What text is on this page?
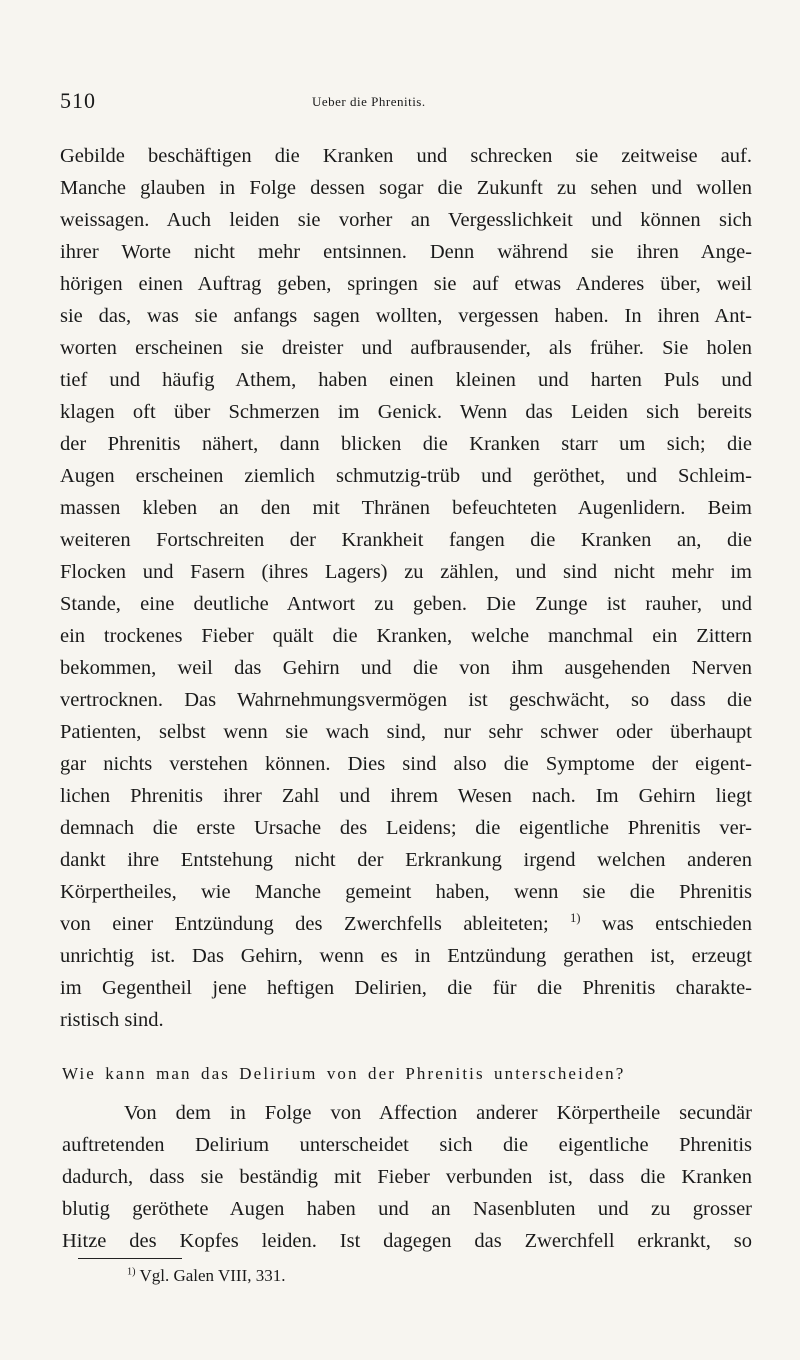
510	Ueber die Phrenitis.
Gebilde beschäftigen die Kranken und schrecken sie zeitweise auf.
Manche glauben in Folge dessen sogar die Zukunft zu sehen und wollen
weissagen. Auch leiden sie vorher an Vergesslichkeit und können sich
ihrer Worte nicht mehr entsinnen. Denn während sie ihren Ange-
hörigen einen Auftrag geben, springen sie auf etwas Anderes über, weil
sie das, was sie anfangs sagen wollten, vergessen haben. In ihren Ant-
worten erscheinen sie dreister und aufbrausender, als früher. Sie holen
tief und häufig Athem, haben einen kleinen und harten Puls und
klagen oft über Schmerzen im Genick. Wenn das Leiden sich bereits
der Phrenitis nähert, dann blicken die Kranken starr um sich; die
Augen erscheinen ziemlich schmutzig-trüb und geröthet, und Schleim-
massen kleben an den mit Thränen befeuchteten Augenlidern. Beim
weiteren Fortschreiten der Krankheit fangen die Kranken an, die
Flocken und Fasern (ihres Lagers) zu zählen, und sind nicht mehr im
Stande, eine deutliche Antwort zu geben. Die Zunge ist rauher, und
ein trockenes Fieber quält die Kranken, welche manchmal ein Zittern
bekommen, weil das Gehirn und die von ihm ausgehenden Nerven
vertrocknen. Das Wahrnehmungsvermögen ist geschwächt, so dass die
Patienten, selbst wenn sie wach sind, nur sehr schwer oder überhaupt
gar nichts verstehen können. Dies sind also die Symptome der eigent-
lichen Phrenitis ihrer Zahl und ihrem Wesen nach. Im Gehirn liegt
demnach die erste Ursache des Leidens; die eigentliche Phrenitis ver-
dankt ihre Entstehung nicht der Erkrankung irgend welchen anderen
Körpertheiles, wie Manche gemeint haben, wenn sie die Phrenitis
von einer Entzündung des Zwerchfells ableiteten; $^{1)}$ was entschieden
unrichtig ist. Das Gehirn, wenn es in Entzündung gerathen ist, erzeugt
im Gegentheil jene heftigen Delirien, die für die Phrenitis charakte-
ristisch sind.
Wie kann man das Delirium von der Phrenitis unterscheiden?
Von dem in Folge von Affection anderer Körpertheile secundär
auftretenden Delirium unterscheidet sich die eigentliche Phrenitis
dadurch, dass sie beständig mit Fieber verbunden ist, dass die Kranken
blutig geröthete Augen haben und an Nasenbluten und zu grosser
Hitze des Kopfes leiden. Ist dagegen das Zwerchfell erkrankt, so
$^{1)}$ Vgl. Galen VIII, 331.
